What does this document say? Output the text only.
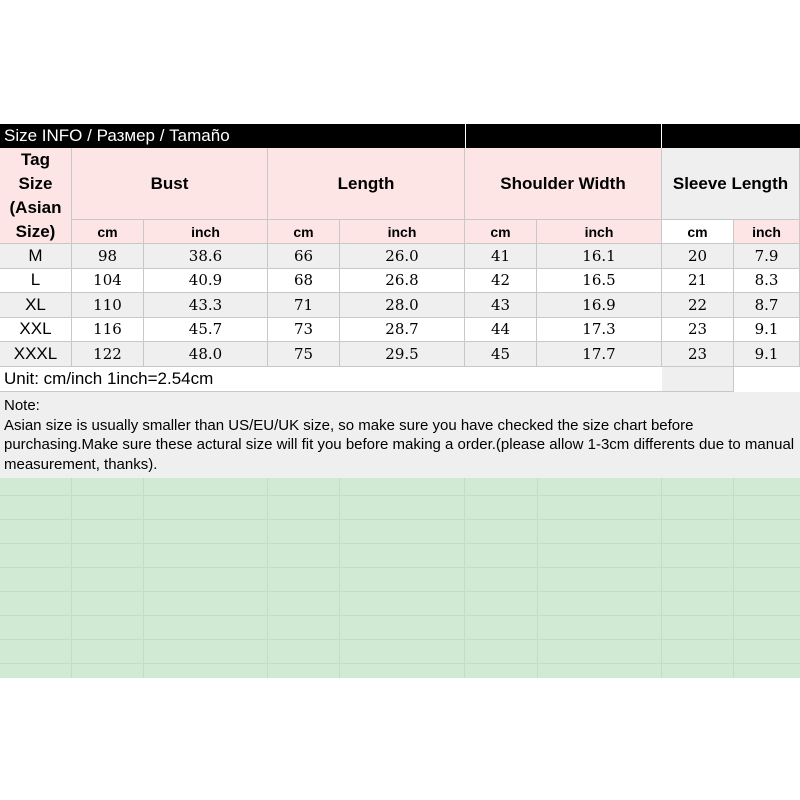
Size INFO / Размер / Tamaño
Tag Size (Asian Size)
Bust	Length	Shoulder Width	Sleeve Length
cm	inch	cm	inch	cm	inch	cm	inch
M	98	38.6	66	26.0	41	16.1	20	7.9
L	104	40.9	68	26.8	42	16.5	21	8.3
XL	110	43.3	71	28.0	43	16.9	22	8.7
XXL	116	45.7	73	28.7	44	17.3	23	9.1
XXXL	122	48.0	75	29.5	45	17.7	23	9.1
Unit: cm/inch 1inch=2.54cm
Note:
Asian size is usually smaller than US/EU/UK size, so make sure you have checked the size chart before purchasing.Make sure these actural size will fit you before making a order.(please allow 1-3cm differents due to manual measurement, thanks).
